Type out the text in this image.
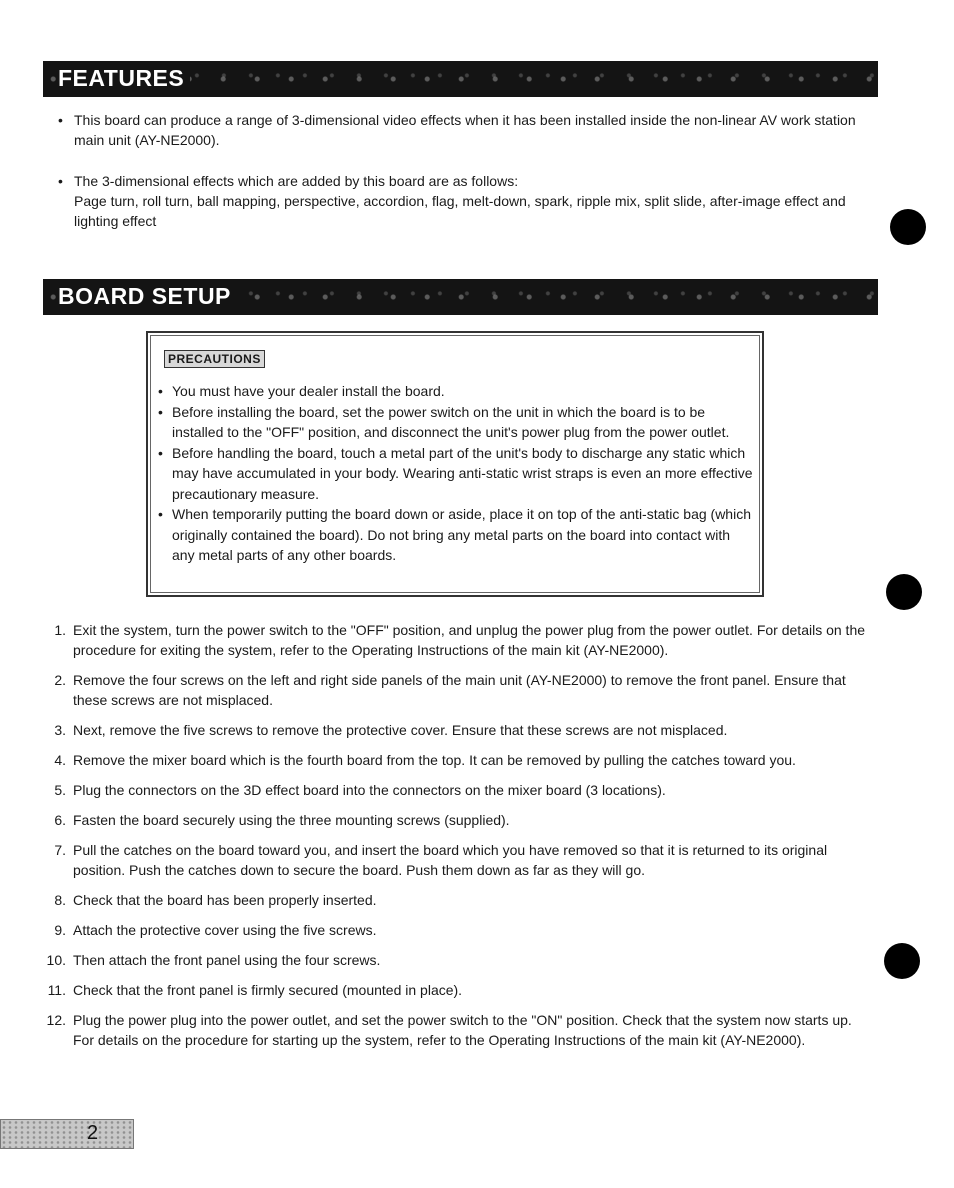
FEATURES
• This board can produce a range of 3-dimensional video effects when it has been installed inside the non-linear AV work station main unit (AY-NE2000).
• The 3-dimensional effects which are added by this board are as follows:
Page turn, roll turn, ball mapping, perspective, accordion, flag, melt-down, spark, ripple mix, split slide, after-image effect and lighting effect
BOARD SETUP
PRECAUTIONS
• You must have your dealer install the board.
• Before installing the board, set the power switch on the unit in which the board is to be installed to the "OFF" position, and disconnect the unit's power plug from the power outlet.
• Before handling the board, touch a metal part of the unit's body to discharge any static which may have accumulated in your body. Wearing anti-static wrist straps is even an more effective precautionary measure.
• When temporarily putting the board down or aside, place it on top of the anti-static bag (which originally contained the board). Do not bring any metal parts on the board into contact with any metal parts of any other boards.
1. Exit the system, turn the power switch to the "OFF" position, and unplug the power plug from the power outlet. For details on the procedure for exiting the system, refer to the Operating Instructions of the main kit (AY-NE2000).
2. Remove the four screws on the left and right side panels of the main unit (AY-NE2000) to remove the front panel. Ensure that these screws are not misplaced.
3. Next, remove the five screws to remove the protective cover. Ensure that these screws are not misplaced.
4. Remove the mixer board which is the fourth board from the top. It can be removed by pulling the catches toward you.
5. Plug the connectors on the 3D effect board into the connectors on the mixer board (3 locations).
6. Fasten the board securely using the three mounting screws (supplied).
7. Pull the catches on the board toward you, and insert the board which you have removed so that it is returned to its original position. Push the catches down to secure the board. Push them down as far as they will go.
8. Check that the board has been properly inserted.
9. Attach the protective cover using the five screws.
10. Then attach the front panel using the four screws.
11. Check that the front panel is firmly secured (mounted in place).
12. Plug the power plug into the power outlet, and set the power switch to the "ON" position. Check that the system now starts up. For details on the procedure for starting up the system, refer to the Operating Instructions of the main kit (AY-NE2000).
2
